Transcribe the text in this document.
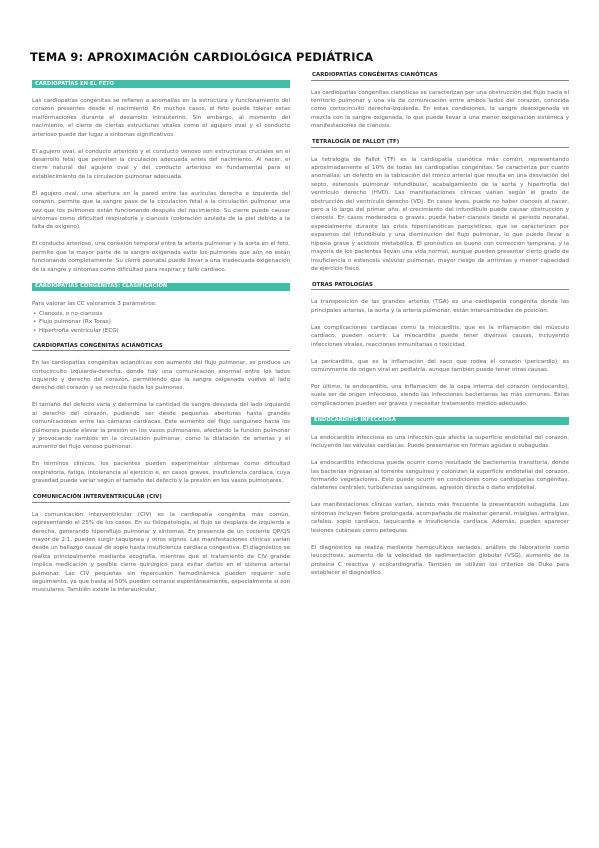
TEMA 9: APROXIMACIÓN CARDIOLÓGICA PEDIÁTRICA
CARDIOPATÍAS EN EL FETO

Las cardiopatías congénitas se refieren a anomalías en la estructura y funcionamiento del corazón presentes desde el nacimiento. En muchos casos, el feto puede tolerar estas malformaciones durante el desarrollo intrauterino. Sin embargo, al momento del nacimiento, el cierre de ciertas estructuras vitales como el agujero oval y el conducto arterioso puede dar lugar a síntomas significativos.

El agujero oval, el conducto arterioso y el conducto venoso son estructuras cruciales en el desarrollo fetal que permiten la circulación adecuada antes del nacimiento. Al nacer, el cierre natural del agujero oval y del conducto arterioso es fundamental para el establecimiento de la circulación pulmonar adecuada.

El agujero oval, una abertura en la pared entre las aurículas derecha e izquierda del corazón, permite que la sangre pase de la circulación fetal a la circulación pulmonar una vez que los pulmones están funcionando después del nacimiento. Su cierre puede causar síntomas como dificultad respiratoria y cianosis (coloración azulada de la piel debido a la falta de oxígeno).

El conducto arterioso, una conexión temporal entre la arteria pulmonar y la aorta en el feto, permite que la mayor parte de la sangre oxigenada evite los pulmones que aún no están funcionando completamente. Su cierre posnatal puede llevar a una inadecuada oxigenación de la sangre y síntomas como dificultad para respirar y fallo cardíaco.

CARDIOPATÍAS CONGÉNITAS: CLASIFICACIÓN

Para valorar las CC valoramos 3 parámetros:

• Cianosis, o no-cianosis
• Flujo pulmonar (Rx Torax)
• Hipertrofia ventricular (ECG)
CARDIOPATÍAS CONGÉNITAS ACIANÓTICAS

En las cardiopatías congénitas acianóticas con aumento del flujo pulmonar, se produce un cortocircuito izquierda-derecha, donde hay una comunicación anormal entre los lados izquierdo y derecho del corazón, permitiendo que la sangre oxigenada vuelva al lado derecho del corazón y se recircule hacia los pulmones.

El tamaño del defecto varía y determina la cantidad de sangre desviada del lado izquierdo al derecho del corazón, pudiendo ser desde pequeñas aberturas hasta grandes comunicaciones entre las cámaras cardíacas. Este aumento del flujo sanguíneo hacia los pulmones puede elevar la presión en los vasos pulmonares, afectando la función pulmonar y provocando cambios en la circulación pulmonar, como la dilatación de arterias y el aumento del flujo venoso pulmonar.

En términos clínicos, los pacientes pueden experimentar síntomas como dificultad respiratoria, fatiga, intolerancia al ejercicio e, en casos graves, insuficiencia cardíaca, cuya gravedad puede variar según el tamaño del defecto y la presión en los vasos pulmonares.

COMUNICACIÓN INTERVENTRICULAR (CIV)

La comunicación interventricular (CIV) es la cardiopatía congénita más común, representando el 25% de los casos. En su fisiopatología, el flujo se desplaza de izquierda a derecha, generando hiperaflujo pulmonar y síntomas. En presencia de un cociente QP/QS mayor de 2:1, pueden surgir taquipnea y otros signos. Las manifestaciones clínicas varían desde un hallazgo casual de soplo hasta insuficiencia cardíaca congestiva. El diagnóstico se realiza principalmente mediante ecografía, mientras que el tratamiento de CIV grande implica medicación y posible cierre quirúrgico para evitar daños en el sistema arterial pulmonar. Las CIV pequeñas sin repercusión hemodinámica pueden requerir solo seguimiento, ya que hasta el 50% pueden cerrarse espontáneamente, especialmente si son musculares. También existe la interauricular.

CARDIOPATÍAS CONGÉNITAS CIANÓTICAS

Las cardiopatías congénitas cianóticas se caracterizan por una obstrucción del flujo hacia el territorio pulmonar y una vía de comunicación entre ambos lados del corazón, conocida como cortocircuito derecha-izquierda. En estas condiciones, la sangre desoxigenada se mezcla con la sangre oxigenada, lo que puede llevar a una menor oxigenación sistémica y manifestaciones de cianosis.

TETRALOGÍA DE FALLOT (TF)

La tetralogía de Fallot (TF) es la cardiopatía cianótica más común, representando aproximadamente el 10% de todas las cardiopatías congénitas. Se caracteriza por cuatro anomalías: un defecto en la tabicación del tronco arterial que resulta en una desviación del septo, estenosis pulmonar infundibular, acabalgamiento de la aorta y hipertrofia del ventrículo derecho (HVD). Las manifestaciones clínicas varían según el grado de obstrucción del ventrículo derecho (VD). En casos leves, puede no haber cianosis al nacer, pero a lo largo del primer año, el crecimiento del infundíbulo puede causar obstrucción y cianosis. En casos moderados o graves, puede haber cianosis desde el periodo neonatal, especialmente durante las crisis hipercianóticas paroxísticas, que se caracterizan por espasmos del infundíbulo y una disminución del flujo pulmonar, lo que puede llevar a hipoxia grave y acidosis metabólica. El pronóstico es bueno con corrección temprana, y la mayoría de los pacientes llevan una vida normal, aunque pueden presentar cierto grado de insuficiencia o estenosis valvular pulmonar, mayor riesgo de arritmias y menor capacidad de ejercicio físico.

OTRAS PATOLOGÍAS

La transposición de las grandes arterias (TGA) es una cardiopatía congénita donde las principales arterias, la aorta y la arteria pulmonar, están intercambiadas de posición.

Las complicaciones cardíacas como la miocarditis, que es la inflamación del músculo cardíaco, pueden ocurrir. La miocarditis puede tener diversas causas, incluyendo infecciones virales, reacciones inmunitarias o toxicidad.

La pericarditis, que es la inflamación del saco que rodea el corazón (pericardio), es comúnmente de origen viral en pediatría, aunque también puede tener otras causas.

Por último, la endocarditis, una inflamación de la capa interna del corazón (endocardio), suele ser de origen infeccioso, siendo las infecciones bacterianas las más comunes. Estas complicaciones pueden ser graves y necesitar tratamiento médico adecuado.

ENDOCARDITIS INFECCIOSA

La endocarditis infecciosa es una infección que afecta la superficie endotelial del corazón, incluyendo las válvulas cardíacas. Puede presentarse en formas agudas o subagudas.

La endocarditis infecciosa puede ocurrir como resultado de bacteriemia transitoria, donde las bacterias ingresan al torrente sanguíneo y colonizan la superficie endotelial del corazón, formando vegetaciones. Esto puede ocurrir en condiciones como cardiopatías congénitas, catéteres centrales, turbulencias sanguíneas, agresión directa o daño endotelial.

Las manifestaciones clínicas varían, siendo más frecuente la presentación subaguda. Los síntomas incluyen fiebre prolongada, acompañada de malestar general, mialgias, artralgias, cefalea, soplo cardíaco, taquicardia e insuficiencia cardíaca. Además, pueden aparecer lesiones cutáneas como petequias.

El diagnóstico se realiza mediante hemocultivos seriados, análisis de laboratorio como leucocitosis, aumento de la velocidad de sedimentación globular (VSG), aumento de la proteína C reactiva y ecocardiografía. También se utilizan los criterios de Duke para establecer el diagnóstico.
